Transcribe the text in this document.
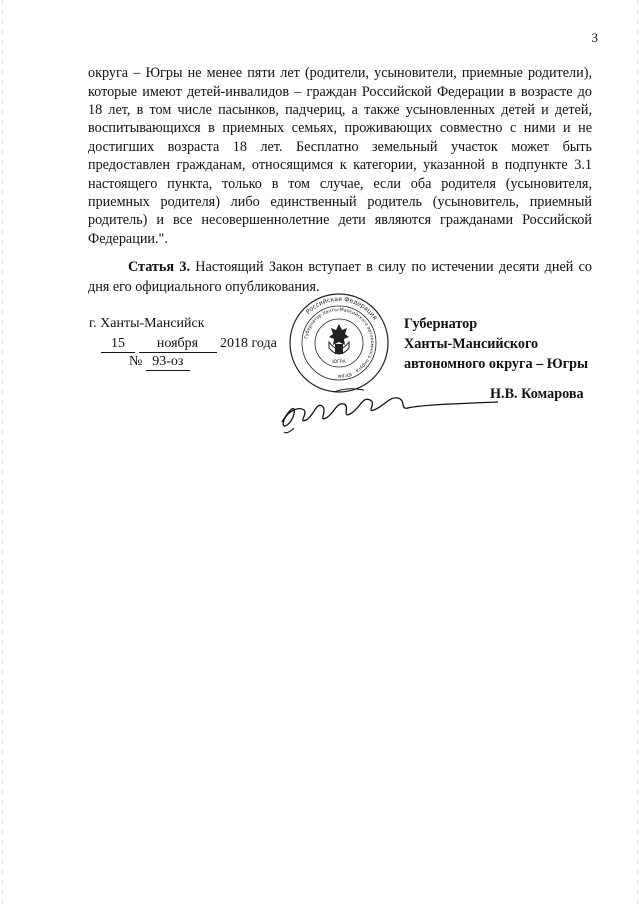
3

округа – Югры не менее пяти лет (родители, усыновители, приемные родители), которые имеют детей-инвалидов – граждан Российской Федерации в возрасте до 18 лет, в том числе пасынков, падчериц, а также усыновленных детей и детей, воспитывающихся в приемных семьях, проживающих совместно с ними и не достигших возраста 18 лет. Бесплатно земельный участок может быть предоставлен гражданам, относящимся к категории, указанной в подпункте 3.1 настоящего пункта, только в том случае, если оба родителя (усыновителя, приемных родителя) либо единственный родитель (усыновитель, приемный родитель) и все несовершеннолетние дети являются гражданами Российской Федерации.".

Статья 3. Настоящий Закон вступает в силу по истечении десяти дней со дня его официального опубликования.

г. Ханты-Мансийск
15 ноября 2018 года
№ 93-оз
Российская Федерация
Губернатор Ханты-Мансийского автономного округа - Югры
ЮГРА
Губернатор
Ханты-Мансийского
автономного округа – Югры
Н.В. Комарова
